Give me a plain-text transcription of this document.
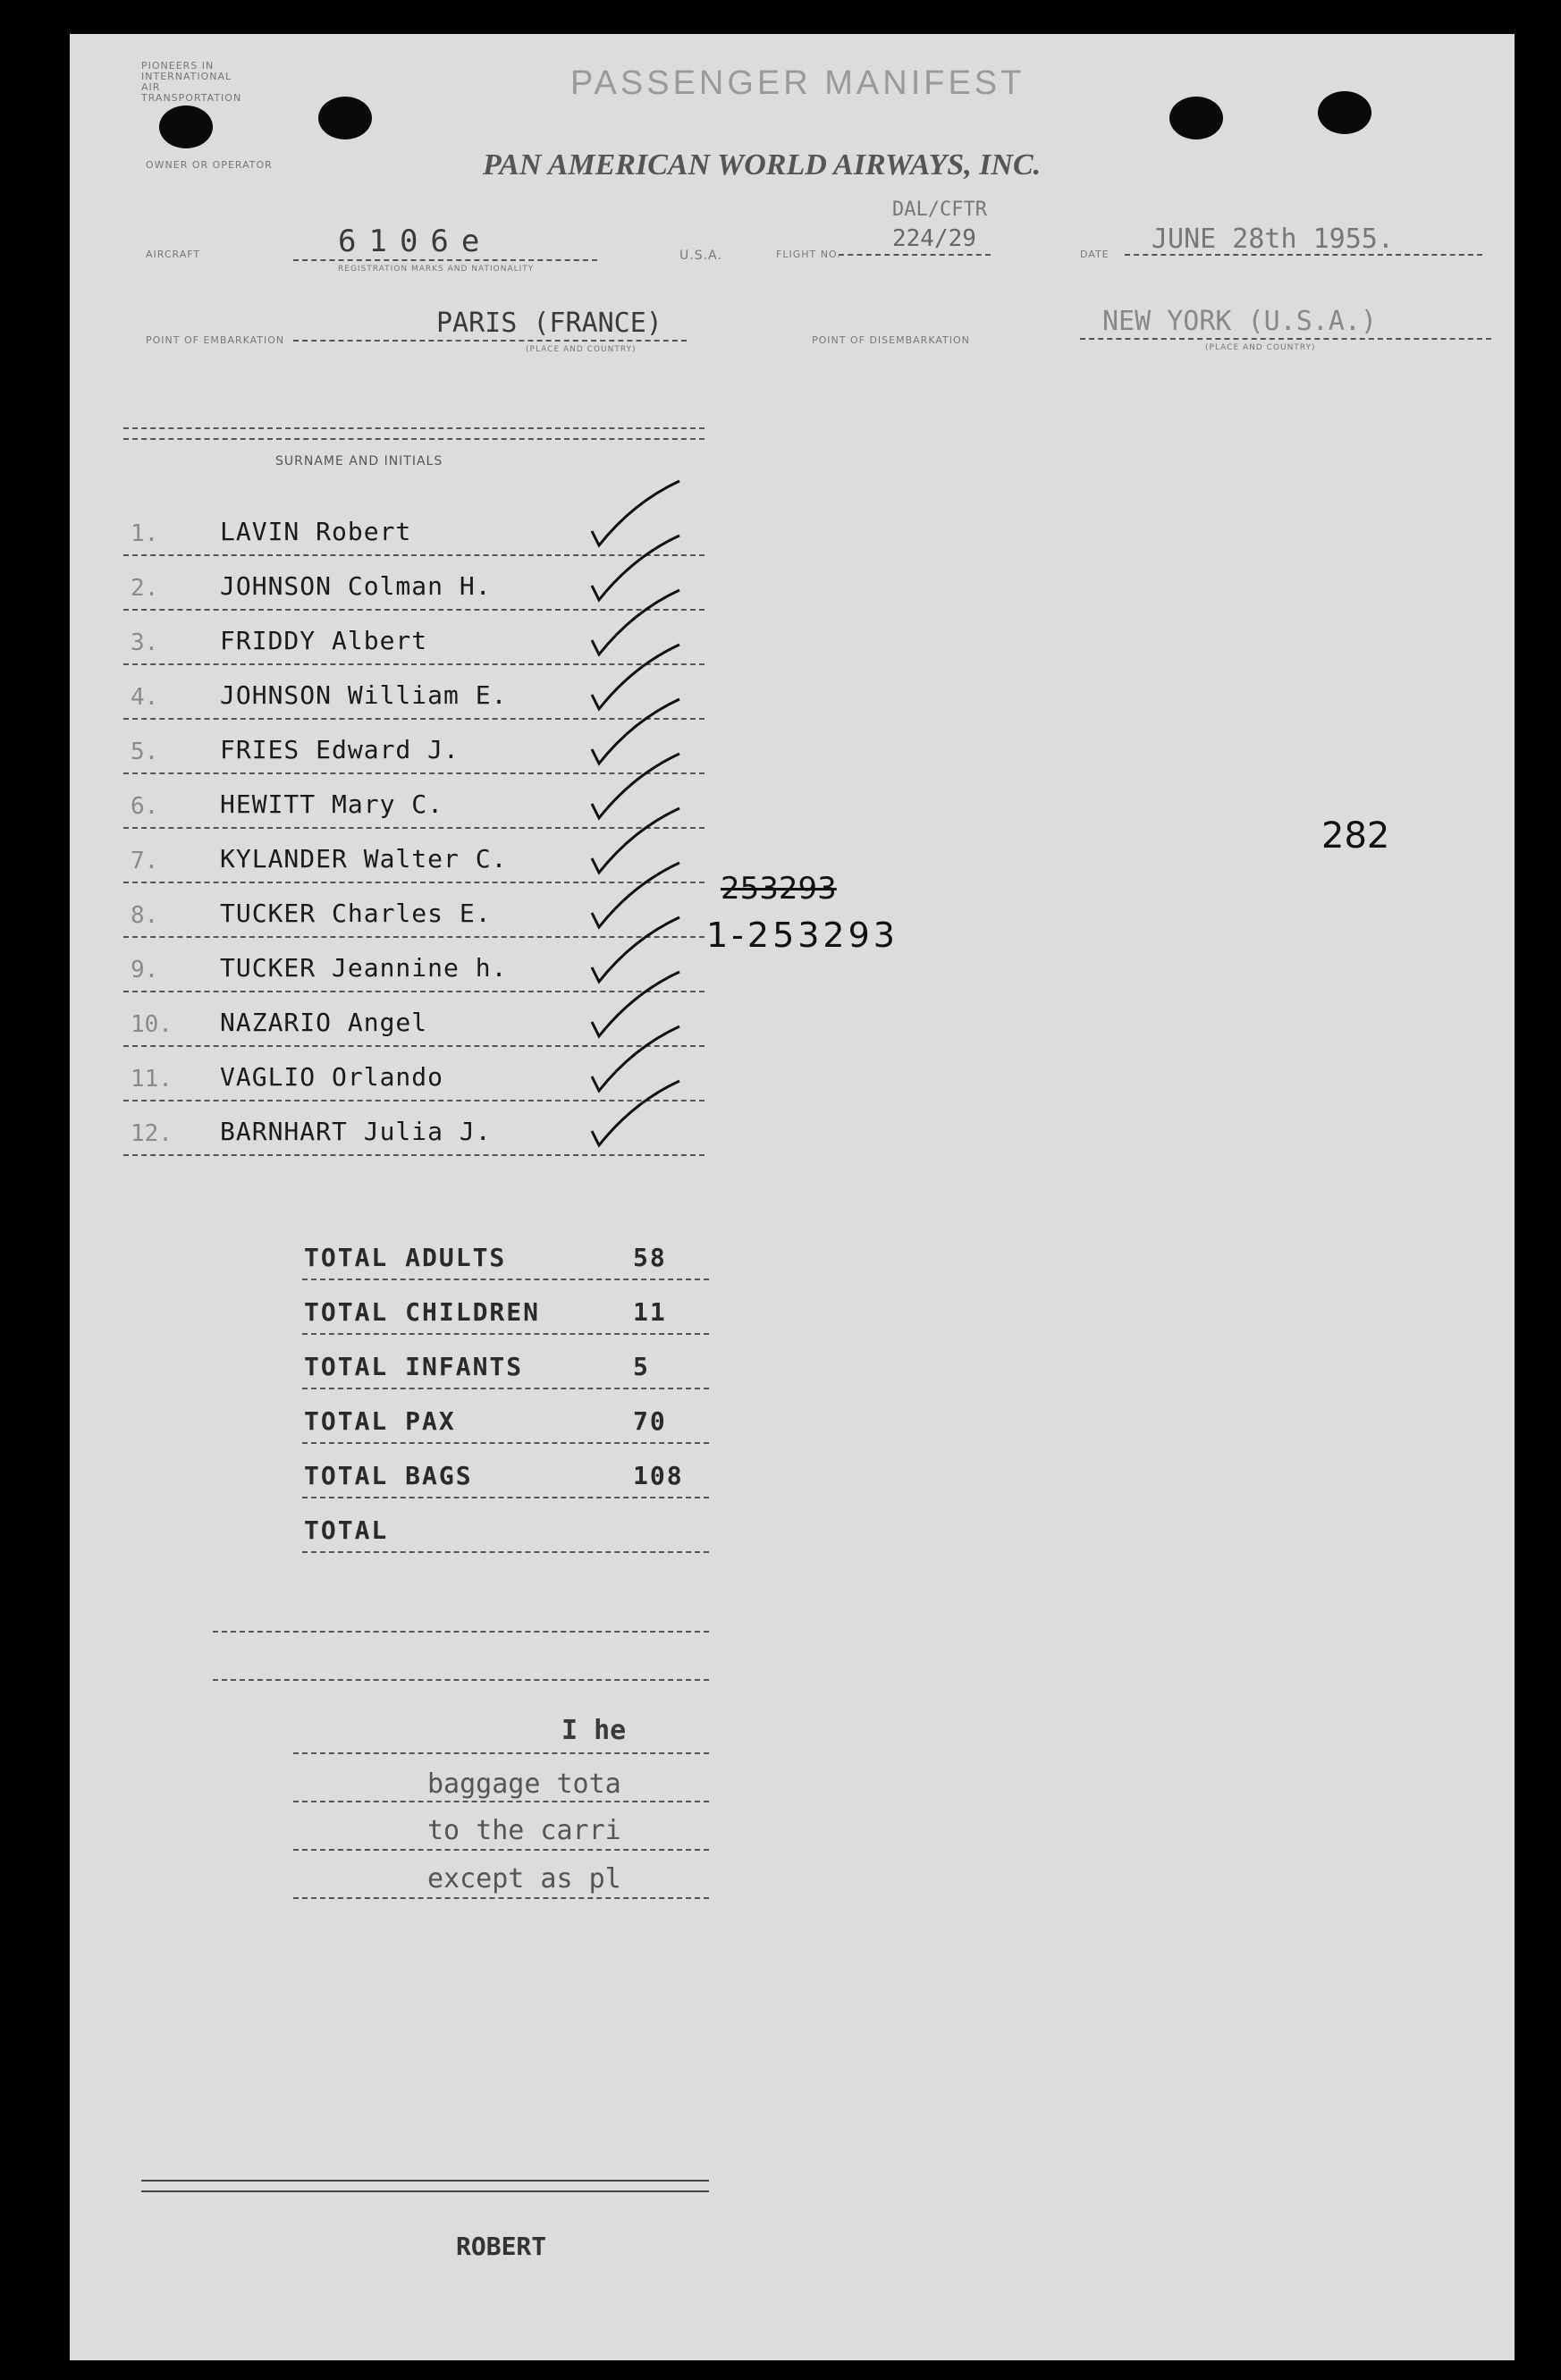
PIONEERS IN INTERNATIONAL AIR TRANSPORTATION	PASSENGER MANIFEST
OWNER OR OPERATOR	PAN AMERICAN WORLD AIRWAYS, INC.
DAL/CFTR
AIRCRAFT	6106e
REGISTRATION MARKS AND NATIONALITY
U.S.A.	FLIGHT NO.
224/29
DATE JUNE 28th 1955.
POINT OF EMBARKATION
PARIS (FRANCE)
(PLACE AND COUNTRY)
POINT OF DISEMBARKATION
NEW YORK (U.S.A.)
(PLACE AND COUNTRY)
SURNAME AND INITIALS
1. LAVIN Robert
2. JOHNSON Colman H.
3. FRIDDY Albert
4. JOHNSON William E.
5. FRIES Edward J.
6. HEWITT Mary C.
7. KYLANDER Walter C.
8. TUCKER Charles E.
9. TUCKER Jeannine h.
10. NAZARIO Angel
11. VAGLIO Orlando
12. BARNHART Julia J.
253293
1-253293
282
TOTAL ADULTS	58
TOTAL CHILDREN	11
TOTAL INFANTS	5
TOTAL PAX	70
TOTAL BAGS	108
TOTAL
I he
baggage tota
to the carri
except as pl
ROBERT
